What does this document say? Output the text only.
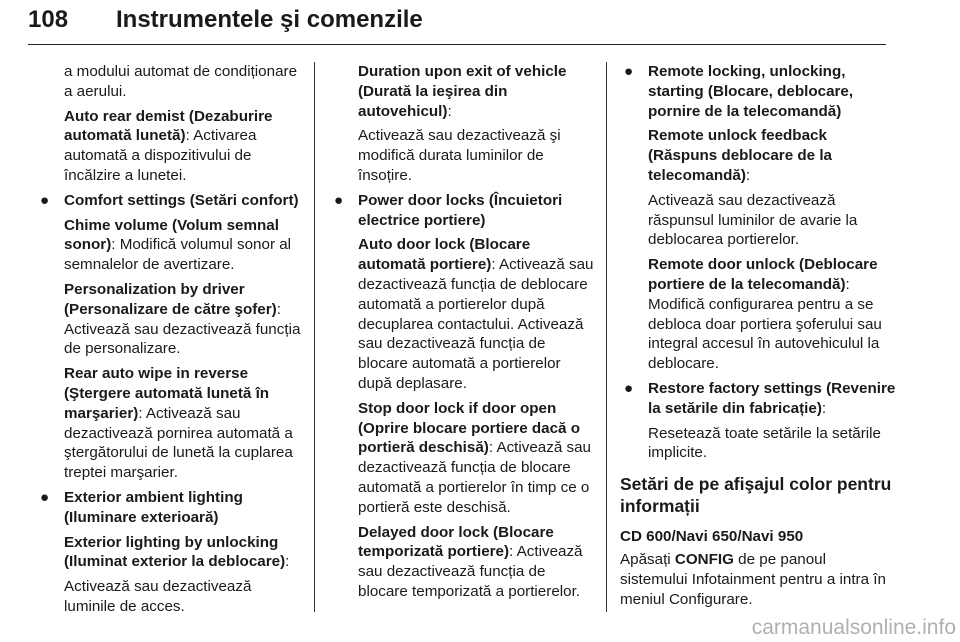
108 Instrumentele şi comenzile

a modului automat de condiționare a aerului.

Auto rear demist (Dezaburire automată lunetă): Activarea automată a dispozitivului de încălzire a lunetei.

● Comfort settings (Setări confort)

Chime volume (Volum semnal sonor): Modifică volumul sonor al semnalelor de avertizare.

Personalization by driver (Personalizare de către şofer): Activează sau dezactivează funcția de personalizare.

Rear auto wipe in reverse (Ştergere automată lunetă în marşarier): Activează sau dezactivează pornirea automată a ştergătorului de lunetă la cuplarea treptei marşarier.

● Exterior ambient lighting (Iluminare exterioară)

Exterior lighting by unlocking (Iluminat exterior la deblocare):

Activează sau dezactivează luminile de acces.

Duration upon exit of vehicle (Durată la ieşirea din autovehicul):

Activează sau dezactivează şi modifică durata luminilor de însoțire.

● Power door locks (Încuietori electrice portiere)

Auto door lock (Blocare automată portiere): Activează sau dezactivează funcția de deblocare automată a portierelor după decuplarea contactului. Activează sau dezactivează funcția de blocare automată a portierelor după deplasare.

Stop door lock if door open (Oprire blocare portiere dacă o portieră deschisă): Activează sau dezactivează funcția de blocare automată a portierelor în timp ce o portieră este deschisă.

Delayed door lock (Blocare temporizată portiere): Activează sau dezactivează funcția de blocare temporizată a portierelor.

● Remote locking, unlocking, starting (Blocare, deblocare, pornire de la telecomandă)

Remote unlock feedback (Răspuns deblocare de la telecomandă):

Activează sau dezactivează răspunsul luminilor de avarie la deblocarea portierelor.

Remote door unlock (Deblocare portiere de la telecomandă): Modifică configurarea pentru a se debloca doar portiera şoferului sau integral accesul în autovehiculul la deblocare.

● Restore factory settings (Revenire la setările din fabricație):

Resetează toate setările la setările implicite.

Setări de pe afişajul color pentru informații
CD 600/Navi 650/Navi 950

Apăsați CONFIG de pe panoul sistemului Infotainment pentru a intra în meniul Configurare.

carmanualsonline.info
